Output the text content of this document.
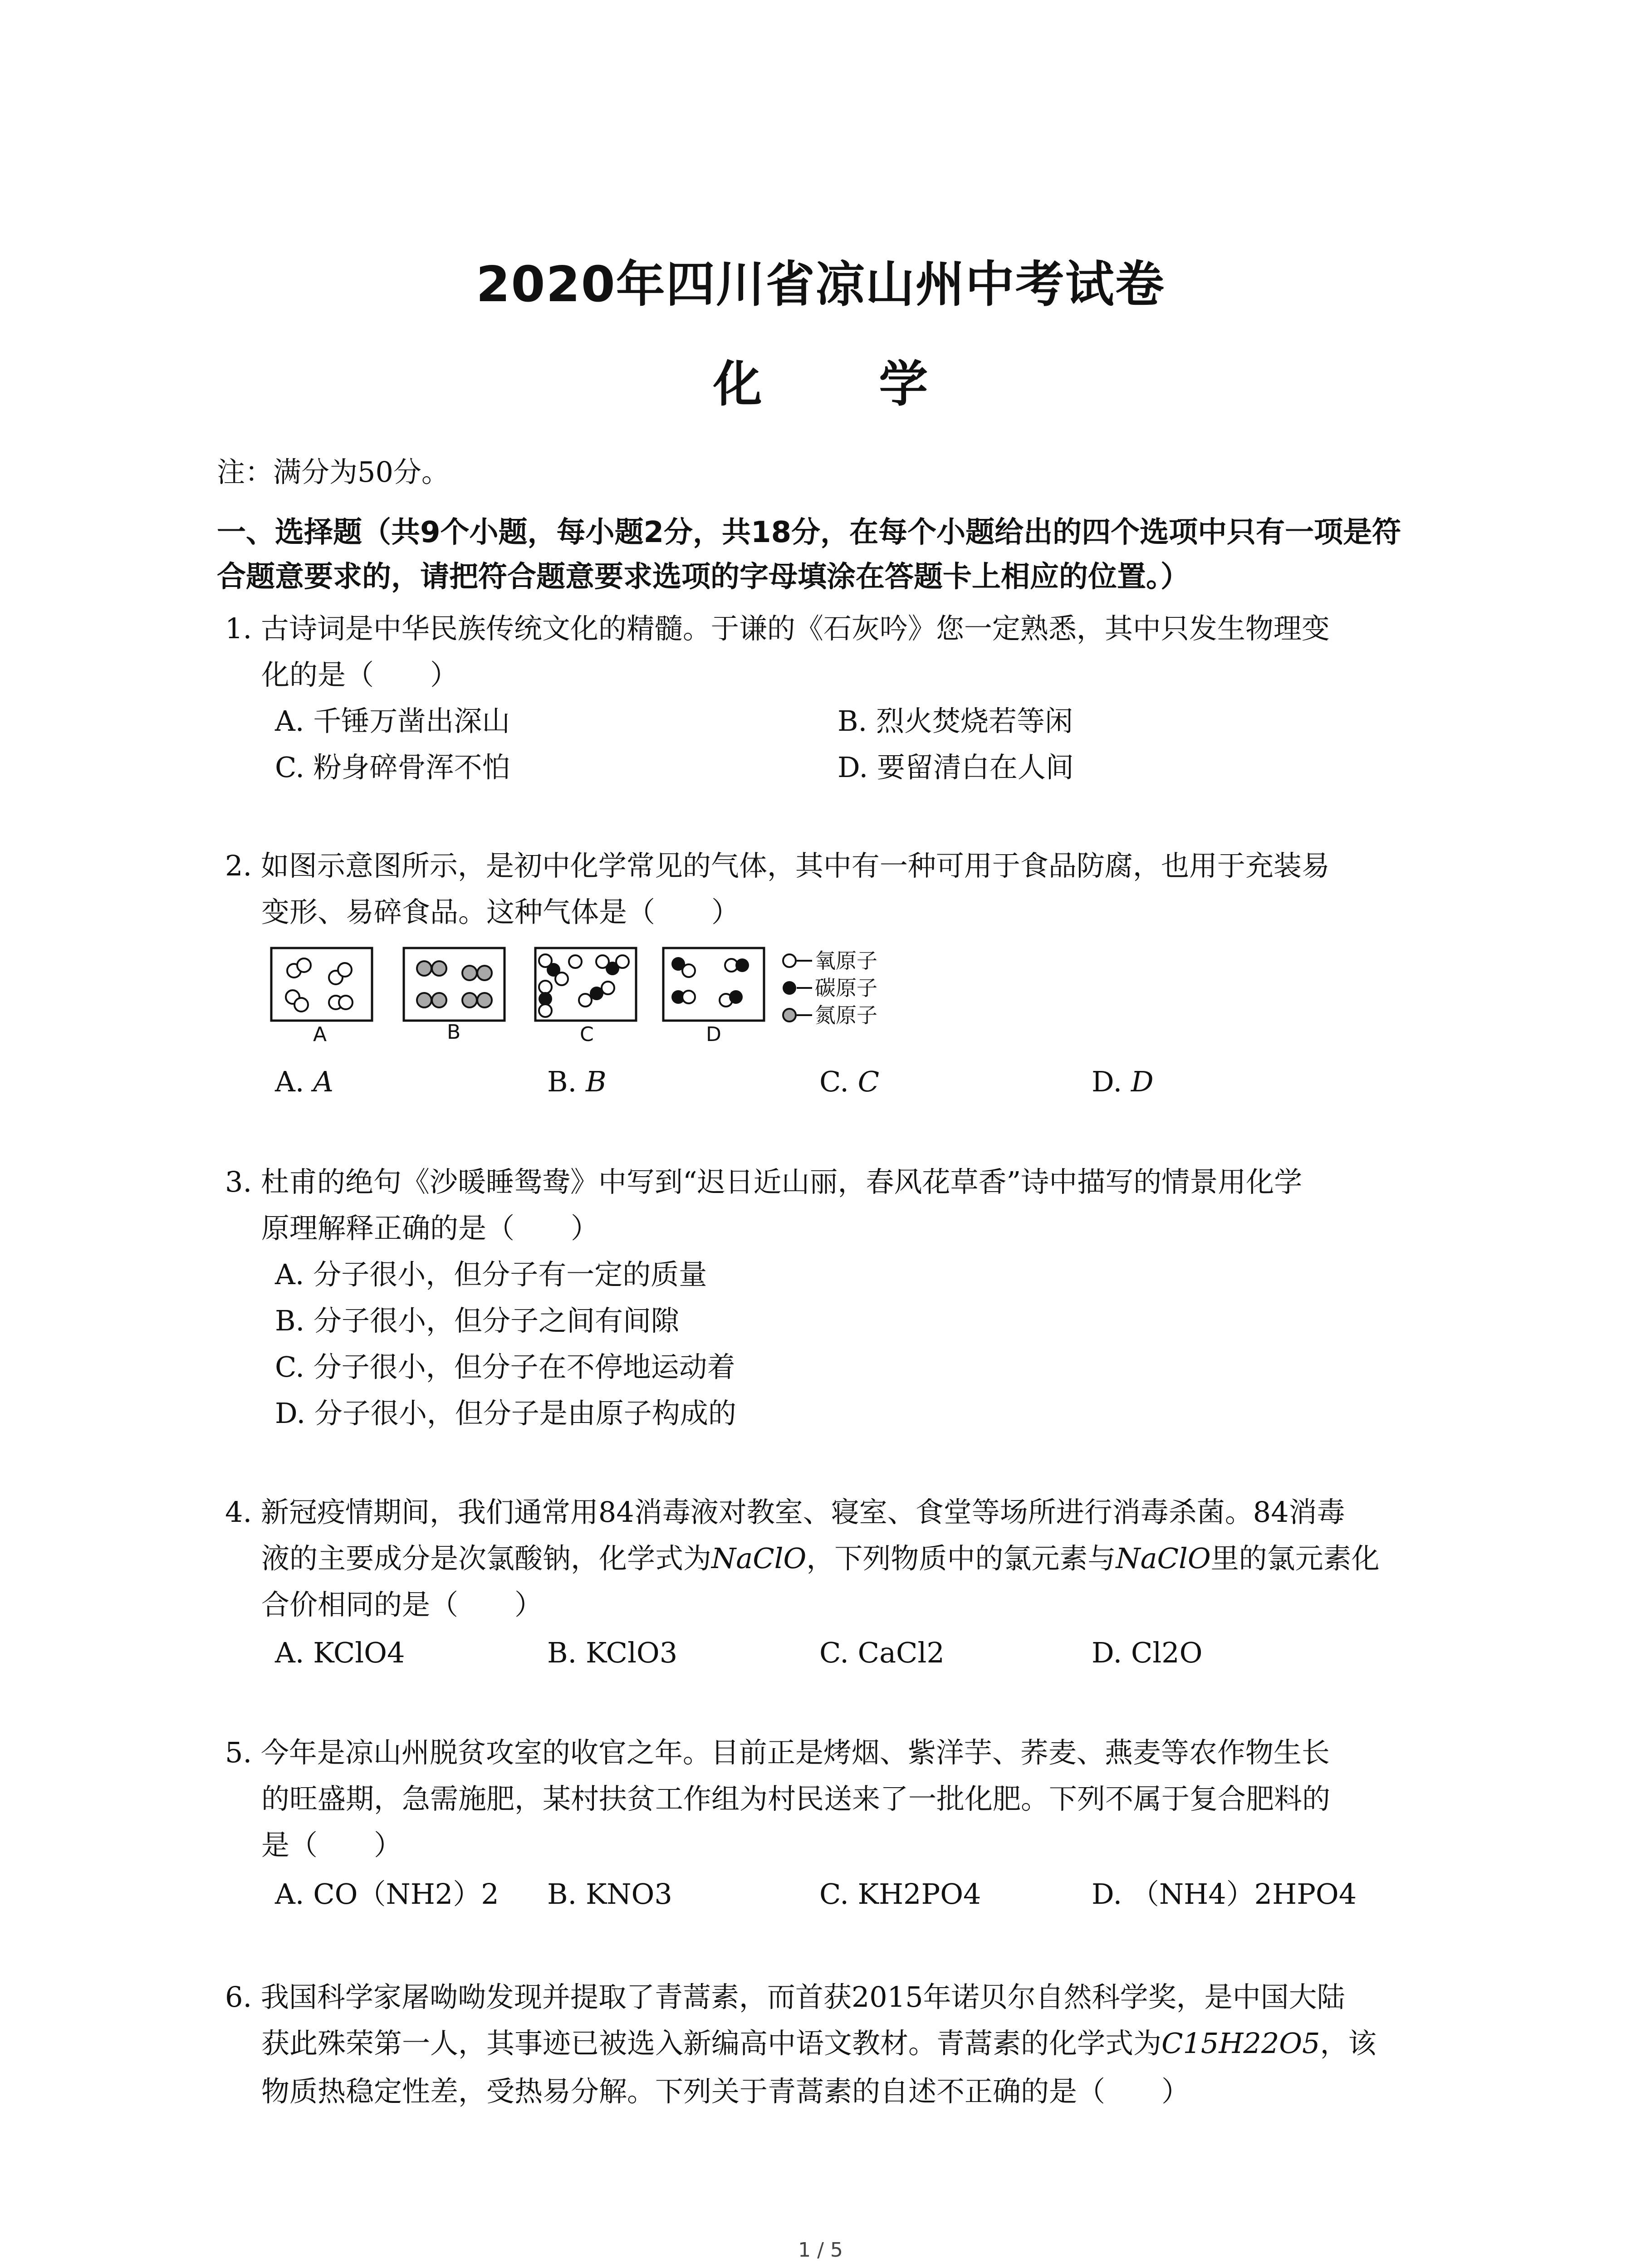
2020年四川省凉山州中考试卷
化 学
注：满分为50分。
一、选择题（共9个小题，每小题2分，共18分，在每个小题给出的四个选项中只有一项是符
合题意要求的，请把符合题意要求选项的字母填涂在答题卡上相应的位置。）
1. 古诗词是中华民族传统文化的精髓。于谦的《石灰吟》您一定熟悉，其中只发生物理变
化的是（　　）
A. 千锤万凿出深山	B. 烈火焚烧若等闲
C. 粉身碎骨浑不怕	D. 要留清白在人间
2. 如图示意图所示，是初中化学常见的气体，其中有一种可用于食品防腐，也用于充装易
变形、易碎食品。这种气体是（　　）
A	B	C	D
氧原子
碳原子
氮原子
A. A	B. B	C. C	D. D
3. 杜甫的绝句《沙暖睡鸳鸯》中写到“迟日近山丽，春风花草香”诗中描写的情景用化学
原理解释正确的是（　　）
A. 分子很小，但分子有一定的质量
B. 分子很小，但分子之间有间隙
C. 分子很小，但分子在不停地运动着
D. 分子很小，但分子是由原子构成的
4. 新冠疫情期间，我们通常用84消毒液对教室、寝室、食堂等场所进行消毒杀菌。84消毒
液的主要成分是次氯酸钠，化学式为NaClO，下列物质中的氯元素与NaClO里的氯元素化
合价相同的是（　　）
A. KClO4	B. KClO3	C. CaCl2	D. Cl2O
5. 今年是凉山州脱贫攻室的收官之年。目前正是烤烟、紫洋芋、荞麦、燕麦等农作物生长
的旺盛期，急需施肥，某村扶贫工作组为村民送来了一批化肥。下列不属于复合肥料的
是（　　）
A. CO（NH2）2 B. KNO3	C. KH2PO4	D. （NH4）2HPO4
6. 我国科学家屠呦呦发现并提取了青蒿素，而首获2015年诺贝尔自然科学奖，是中国大陆
获此殊荣第一人，其事迹已被选入新编高中语文教材。青蒿素的化学式为C15H22O5，该
物质热稳定性差，受热易分解。下列关于青蒿素的自述不正确的是（　　）
1 / 5
